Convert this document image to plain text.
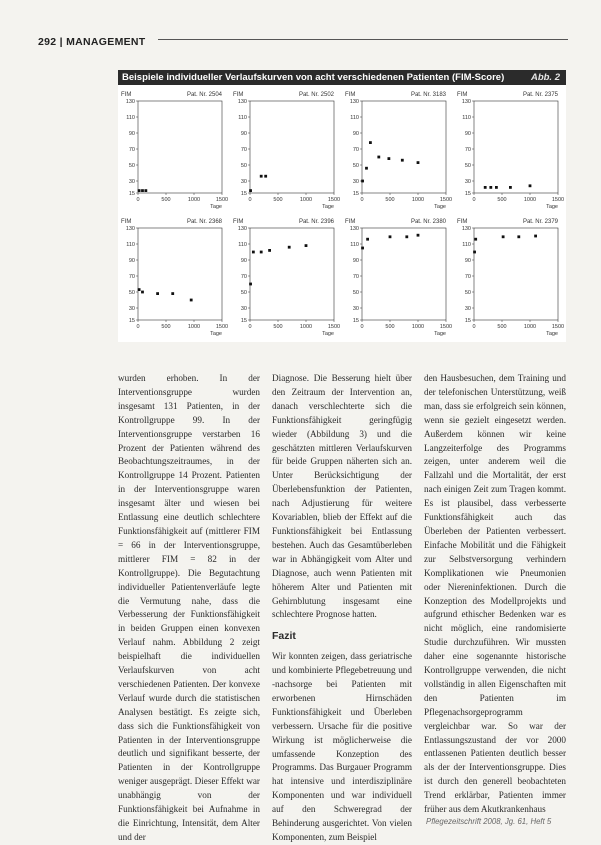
292 | MANAGEMENT
Beispiele individueller Verlaufskurven von acht verschiedenen Patienten (FIM-Score)	Abb. 2
FIM	Pat. Nr. 2504
15
30
50
70
90
110
130
0	500	1000	1500
Tage
FIM	Pat. Nr. 2502
15
30
50
70
90
110
130
0	500	1000	1500
Tage
FIM	Pat. Nr. 3183
15
30
50
70
90
110
130
0	500	1000	1500
Tage
FIM	Pat. Nr. 2375
15
30
50
70
90
110
130
0	500	1000	1500
Tage
FIM	Pat. Nr. 2368
15
30
50
70
90
110
130
0	500	1000	1500
Tage
FIM	Pat. Nr. 2396
15
30
50
70
90
110
130
0	500	1000	1500
Tage
FIM	Pat. Nr. 2380
15
30
50
70
90
110
130
0	500	1000	1500
Tage
FIM	Pat. Nr. 2379
15
30
50
70
90
110
130
0	500	1000	1500
Tage

wurden erhoben. In der Interventionsgruppe wurden insgesamt 131 Patienten, in der Kontrollgruppe 99. In der Interventionsgruppe verstarben 16 Prozent der Patienten während des Beobachtungszeitraumes, in der Kontrollgruppe 14 Prozent. Patienten in der Interventionsgruppe waren insgesamt älter und wiesen bei Entlassung eine deutlich schlechtere Funktionsfähigkeit auf (mittlerer FIM = 66 in der Interventionsgruppe, mittlerer FIM = 82 in der Kontrollgruppe). Die Begutachtung individueller Patientenverläufe legte die Vermutung nahe, dass die Verbesserung der Funktionsfähigkeit in beiden Gruppen einen konvexen Verlauf nahm. Abbildung 2 zeigt beispielhaft die individuellen Verlaufskurven von acht verschiedenen Patienten. Der konvexe Verlauf wurde durch die statistischen Analysen bestätigt. Es zeigte sich, dass sich die Funktionsfähigkeit von Patienten in der Interventionsgruppe deutlich und signifikant besserte, der Patienten in der Kontrollgruppe weniger ausgeprägt. Dieser Effekt war unabhängig von der Funktionsfähigkeit bei Aufnahme in die Einrichtung, Intensität, dem Alter und der

Diagnose. Die Besserung hielt über den Zeitraum der Intervention an, danach verschlechterte sich die Funktionsfähigkeit geringfügig wieder (Abbildung 3) und die geschätzten mittleren Verlaufskurven für beide Gruppen näherten sich an. Unter Berücksichtigung der Überlebensfunktion der Patienten, nach Adjustierung für weitere Kovariablen, blieb der Effekt auf die Funktionsfähigkeit bei Entlassung bestehen. Auch das Gesamtüberleben war in Abhängigkeit vom Alter und Diagnose, auch wenn Patienten mit höherem Alter und Patienten mit Gehirnblutung insgesamt eine schlechtere Prognose hatten.

Fazit

Wir konnten zeigen, dass geriatrische und kombinierte Pflegebetreuung und -nachsorge bei Patienten mit erworbenen Hirnschäden Funktionsfähigkeit und Überleben verbessern. Ursache für die positive Wirkung ist möglicherweise die umfassende Konzeption des Programms. Das Burgauer Programm hat intensive und interdisziplinäre Komponenten und war individuell auf den Schweregrad der Behinderung ausgerichtet. Von vielen Komponenten, zum Beispiel

den Hausbesuchen, dem Training und der telefonischen Unterstützung, weiß man, dass sie erfolgreich sein können, wenn sie gezielt eingesetzt werden. Außerdem können wir keine Langzeiterfolge des Programms zeigen, unter anderem weil die Fallzahl und die Mortalität, der erst nach einigen Zeit zum Tragen kommt. Es ist plausibel, dass verbesserte Funktionsfähigkeit auch das Überleben der Patienten verbessert. Einfache Mobilität und die Fähigkeit zur Selbstversorgung verhindern Komplikationen wie Pneumonien oder Niereninfektionen. Durch die Konzeption des Modellprojekts und aufgrund ethischer Bedenken war es nicht möglich, eine randomisierte Studie durchzuführen. Wir mussten daher eine sogenannte historische Kontrollgruppe verwenden, die nicht vollständig in allen Eigenschaften mit den Patienten im Pflegenachsorgeprogramm vergleichbar war. So war der Entlassungszustand der vor 2000 entlassenen Patienten deutlich besser als der der Interventionsgruppe. Dies ist durch den generell beobachteten Trend erklärbar, Patienten immer früher aus dem Akutkrankenhaus

Pflegezeitschrift 2008, Jg. 61, Heft 5
